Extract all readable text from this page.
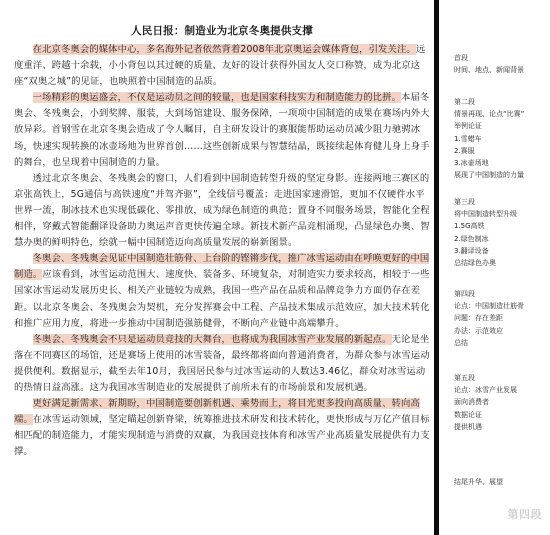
人民日报：制造业为北京冬奥提供支撑

在北京冬奥会的媒体中心，多名海外记者依然背着2008年北京奥运会媒体背包，引发关注。远度重洋、跨越十余载，小小背包以其过硬的质量、友好的设计获得外国友人交口称赞，成为北京这座“双奥之城”的见证，也映照着中国制造的品质。

一场精彩的奥运盛会，不仅是运动员之间的较量，也是国家科技实力和制造能力的比拼。本届冬奥会、冬残奥会，小到奖牌、服装，大到场馆建设、服务保障，一项项中国制造的成果在赛场内外大放异彩。首钢雪在北京冬奥会造成了令人瞩目，自主研发设计的赛服能帮助运动员减少阻力驰骋冰场，快速实现转换的冰壶场地为世界首创……这些创新成果与智慧结晶，既接续起体育健儿身上身手的舞台，也呈现着中国制造的力量。

透过北京冬奥会、冬残奥会的窗口，人们看到中国制造转型升级的坚定身影。连接两地三赛区的京张高铁上，5G通信与高铁速度“并驾齐驱”，全线信号覆盖；走进国家速滑馆，更加不仅硬件水平世界一流，制冰技术也实现低碳化、零排放，成为绿色制造的典范；置身不同服务场景，智能化全程相伴，穿戴式智能翻译设备助力奥运声音更快传遍全球。新技术新产品竞相涌现，凸显绿色办奥、智慧办奥的鲜明特色，绘就一幅中国制造迈向高质量发展的崭新图景。

冬奥会、冬残奥会见证中国制造壮筋骨、上台阶的铿锵步伐，推广冰雪运动由在呼唤更好的中国制造。应该看到，冰雪运动范围大、速度快、装备多、环境复杂，对制造实力要求较高，相较于一些国家冰雪运动发展历史长、相关产业链较为成熟，我国一些产品在品质和品牌竞争力方面仍存在差距。以北京冬奥会、冬残奥会为契机，充分发挥赛会中工程、产品技术集成示范效应，加大技术转化和推广应用力度，将进一步推动中国制造强筋健骨，不断向产业链中高端攀升。

冬奥会、冬残奥会不只是运动员竞技的大舞台，也将成为我国冰雪产业发展的新起点。无论是坐落在不同赛区的场馆，还是赛场上使用的冰雪装备，最终都将面向普通消费者，为群众参与冰雪运动提供便利。数据显示，截至去年10月，我国居民参与过冰雪运动的人数达3.46亿，群众对冰雪运动的热情日益高涨。这为我国冰雪制造业的发展提供了前所未有的市场前景和发展机遇。

更好满足新需求、新期盼，中国制造要创新机遇、乘势而上，将目光更多投向高质量、转向高端。在冰雪运动领域，坚定瞄起创新脊梁，统筹推进技术研发和技术转化，更快形成与万亿产值目标相匹配的制造能力，才能实现制造与消费的双赢，为我国竞技体育和冰雪产业高质量发展提供有力支撑。

首段
时间、地点、新闻背景
第二段
情景再现、论点“比赛”
举例论证
1.雪蜡车
2.赛服
3.冰壶场地
展现了中国制造的力量
第三段
将中国制造转型升级
1.5G高铁
2.绿色制冰
3.翻译设备
总结绿色办奥
第四段
论点：中国制造壮筋骨
问题：存在差距
办法：示范效应
总结
第五段
论点：冰雪产业发展
面向消费者
数据论证
提供机遇
结尾升华、展望
第四段
